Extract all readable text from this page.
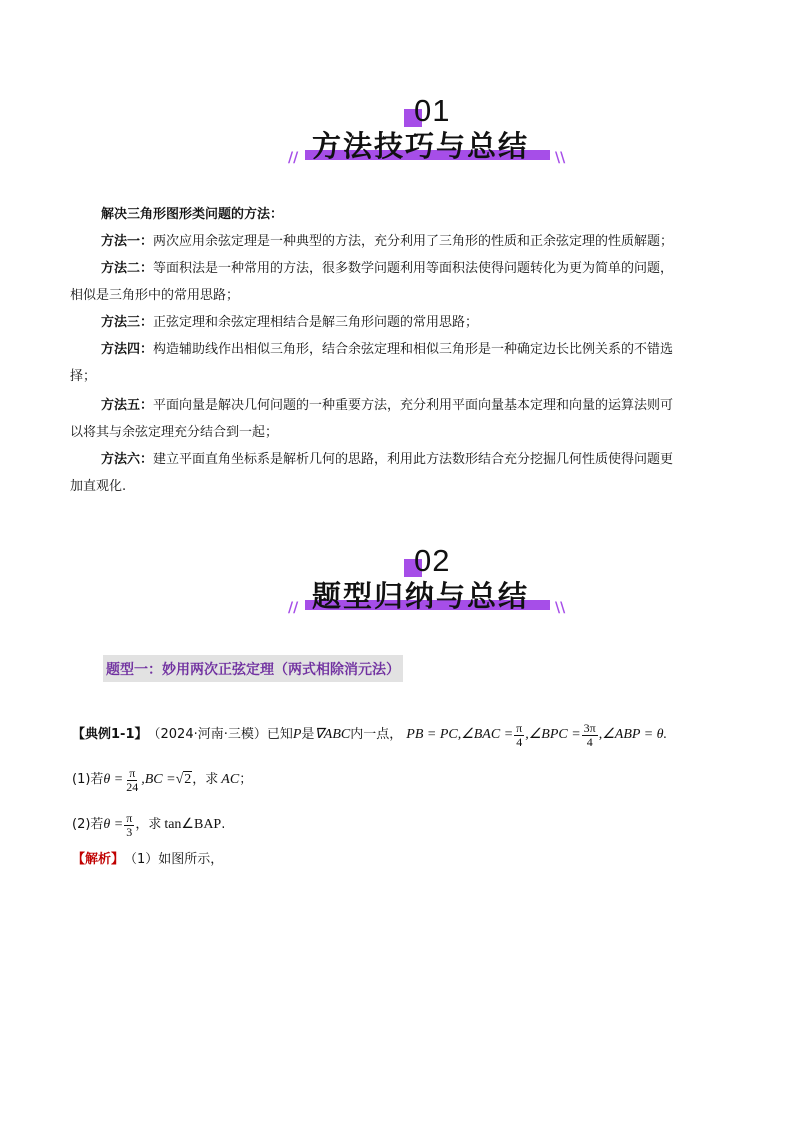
01
方法技巧与总结
//	\\
解决三角形图形类问题的方法：
方法一：两次应用余弦定理是一种典型的方法，充分利用了三角形的性质和正余弦定理的性质解题；
方法二：等面积法是一种常用的方法，很多数学问题利用等面积法使得问题转化为更为简单的问题，
相似是三角形中的常用思路；
方法三：正弦定理和余弦定理相结合是解三角形问题的常用思路；
方法四：构造辅助线作出相似三角形，结合余弦定理和相似三角形是一种确定边长比例关系的不错选
择；
方法五：平面向量是解决几何问题的一种重要方法，充分利用平面向量基本定理和向量的运算法则可
以将其与余弦定理充分结合到一起；
方法六：建立平面直角坐标系是解析几何的思路，利用此方法数形结合充分挖掘几何性质使得问题更
加直观化.
02
题型归纳与总结
//	\\
题型一：妙用两次正弦定理（两式相除消元法）
【典例1-1】 （2024·河南·三模）已知 P 是 ∇ABC 内一点， PB = PC,∠BAC = $\frac{\pi}{4}$ ,∠BPC = $\frac{3\pi}{4}$ ,∠ABP = θ.
(1)若 $\theta = \frac{\pi}{24} ,BC = √2$ ，求 AC ；
(2)若 $\theta = \frac{\pi}{3}$ ，求 tan∠BAP .
【解析】 （1）如图所示，
